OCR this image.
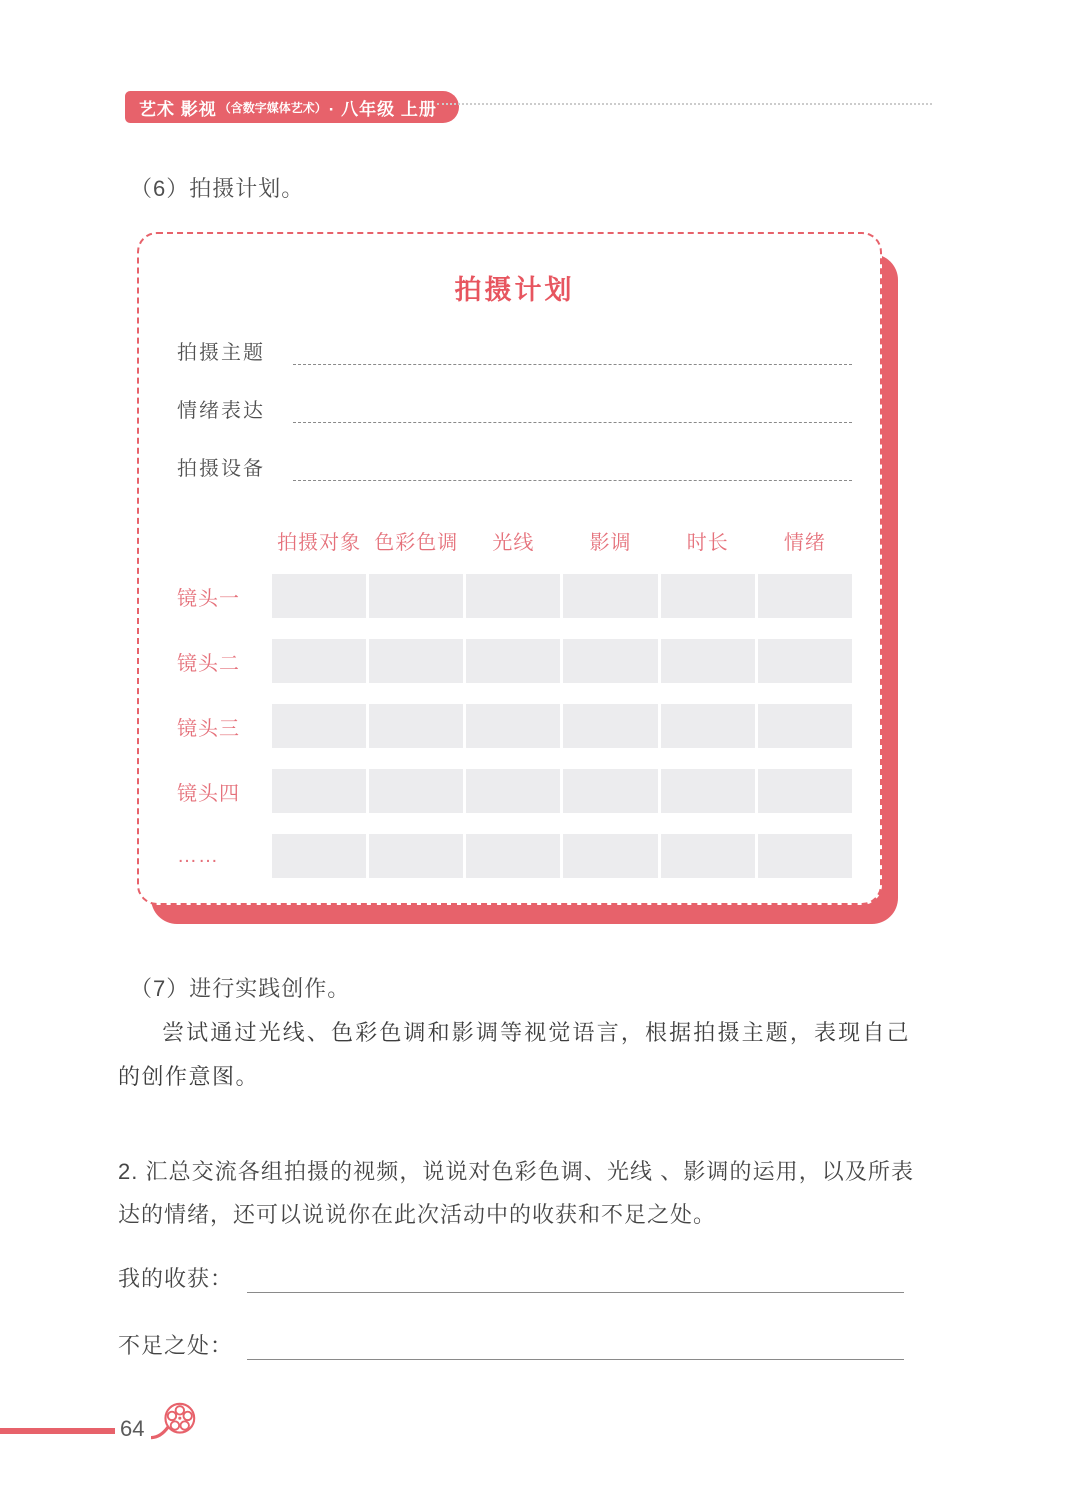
艺术 影视 （含数字媒体艺术） · 八年级 上册
（6）拍摄计划。
拍摄计划
拍摄主题
情绪表达
拍摄设备
拍摄对象 色彩色调	光线	影调	时长	情绪
镜头一
镜头二
镜头三
镜头四
……
（7）进行实践创作。
尝试通过光线、色彩色调和影调等视觉语言，根据拍摄主题，表现自己的创作意图。
2. 汇总交流各组拍摄的视频，说说对色彩色调、光线 、影调的运用，以及所表达的情绪，还可以说说你在此次活动中的收获和不足之处。
我的收获：
不足之处：
64
